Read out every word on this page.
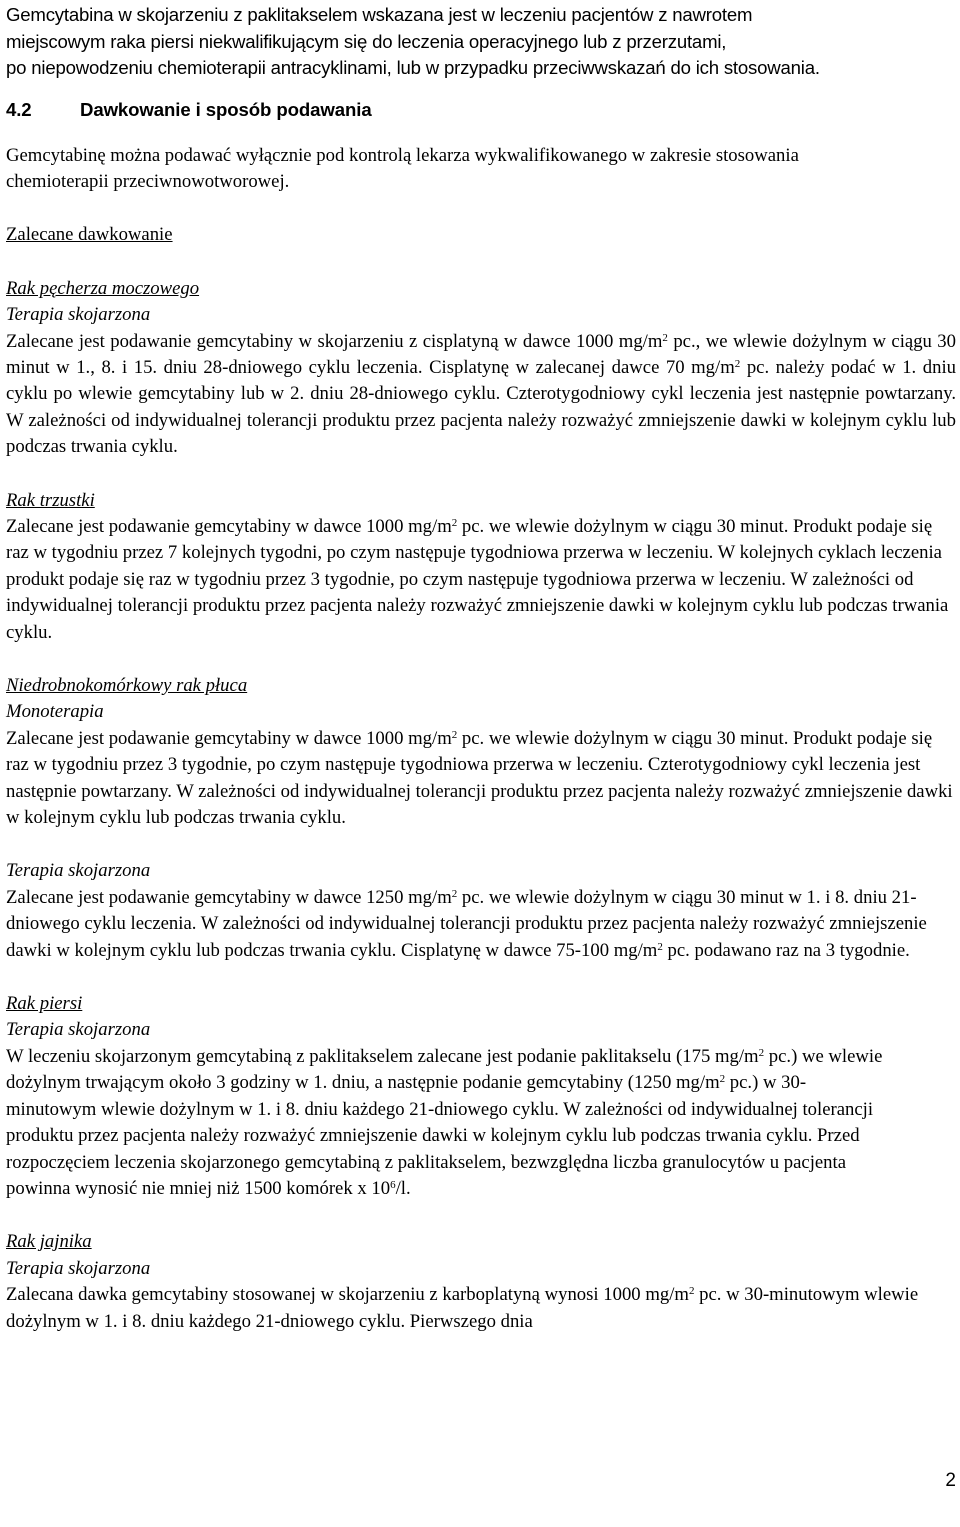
Gemcytabina w skojarzeniu z paklitakselem wskazana jest w leczeniu pacjentów z nawrotem
miejscowym raka piersi niekwalifikującym się do leczenia operacyjnego lub z przerzutami,
po niepowodzeniu chemioterapii antracyklinami, lub w przypadku przeciwwskazań do ich stosowania.
4.2	Dawkowanie i sposób podawania

Gemcytabinę można podawać wyłącznie pod kontrolą lekarza wykwalifikowanego w zakresie stosowania chemioterapii przeciwnowotworowej.

Zalecane dawkowanie

Rak pęcherza moczowego

Terapia skojarzona

Zalecane jest podawanie gemcytabiny w skojarzeniu z cisplatyną w dawce 1000 $mg/m^2$ pc., we wlewie dożylnym w ciągu 30 minut w 1., 8. i 15. dniu 28-dniowego cyklu leczenia. Cisplatynę w zalecanej dawce 70 $mg/m^2$ pc. należy podać w 1. dniu cyklu po wlewie gemcytabiny lub w 2. dniu 28-dniowego cyklu. Czterotygodniowy cykl leczenia jest następnie powtarzany. W zależności od indywidualnej tolerancji produktu przez pacjenta należy rozważyć zmniejszenie dawki w kolejnym cyklu lub podczas trwania cyklu.

Rak trzustki

Zalecane jest podawanie gemcytabiny w dawce 1000 $mg/m^2$ pc. we wlewie dożylnym w ciągu 30 minut. Produkt podaje się raz w tygodniu przez 7 kolejnych tygodni, po czym następuje tygodniowa przerwa w leczeniu. W kolejnych cyklach leczenia produkt podaje się raz w tygodniu przez 3 tygodnie, po czym następuje tygodniowa przerwa w leczeniu. W zależności od indywidualnej tolerancji produktu przez pacjenta należy rozważyć zmniejszenie dawki w kolejnym cyklu lub podczas trwania cyklu.

Niedrobnokomórkowy rak płuca

Monoterapia

Zalecane jest podawanie gemcytabiny w dawce 1000 $mg/m^2$ pc. we wlewie dożylnym w ciągu 30 minut. Produkt podaje się raz w tygodniu przez 3 tygodnie, po czym następuje tygodniowa przerwa w leczeniu. Czterotygodniowy cykl leczenia jest następnie powtarzany. W zależności od indywidualnej tolerancji produktu przez pacjenta należy rozważyć zmniejszenie dawki w kolejnym cyklu lub podczas trwania cyklu.

Terapia skojarzona

Zalecane jest podawanie gemcytabiny w dawce 1250 $mg/m^2$ pc. we wlewie dożylnym w ciągu 30 minut w 1. i 8. dniu 21-dniowego cyklu leczenia. W zależności od indywidualnej tolerancji produktu przez pacjenta należy rozważyć zmniejszenie dawki w kolejnym cyklu lub podczas trwania cyklu. Cisplatynę w dawce 75-100 $mg/m^2$ pc. podawano raz na 3 tygodnie.

Rak piersi

Terapia skojarzona

W leczeniu skojarzonym gemcytabiną z paklitakselem zalecane jest podanie paklitakselu (175 $mg/m^2$ pc.) we wlewie dożylnym trwającym około 3 godziny w 1. dniu, a następnie podanie gemcytabiny (1250 $mg/m^2$ pc.) w 30-minutowym wlewie dożylnym w 1. i 8. dniu każdego 21-dniowego cyklu. W zależności od indywidualnej tolerancji produktu przez pacjenta należy rozważyć zmniejszenie dawki w kolejnym cyklu lub podczas trwania cyklu. Przed rozpoczęciem leczenia skojarzonego gemcytabiną z paklitakselem, bezwzględna liczba granulocytów u pacjenta powinna wynosić nie mniej niż 1500 komórek x $10^6/l$.

Rak jajnika

Terapia skojarzona

Zalecana dawka gemcytabiny stosowanej w skojarzeniu z karboplatyną wynosi 1000 $mg/m^2$ pc. w 30-minutowym wlewie dożylnym w 1. i 8. dniu każdego 21-dniowego cyklu. Pierwszego dnia

2
